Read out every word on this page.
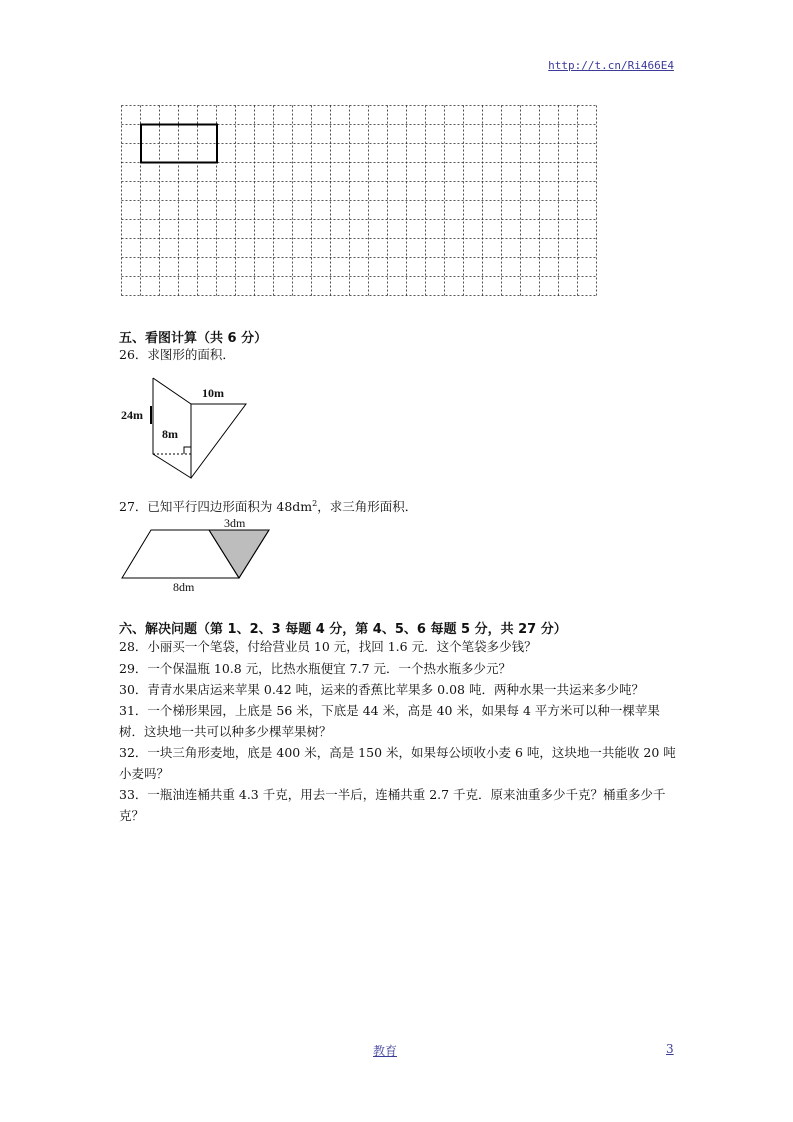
http://t.cn/Ri466E4
五、看图计算（共 6 分）
26．求图形的面积．
24m
10m
8m
27．已知平行四边形面积为 $48dm^2$，求三角形面积．
3dm
8dm
六、解决问题（第 1、2、3 每题 4 分，第 4、5、6 每题 5 分，共 27 分）
28．小丽买一个笔袋，付给营业员 10 元，找回 1.6 元．这个笔袋多少钱？
29．一个保温瓶 10.8 元，比热水瓶便宜 7.7 元．一个热水瓶多少元？
30．青青水果店运来苹果 0.42 吨，运来的香蕉比苹果多 0.08 吨．两种水果一共运来多少吨？
31．一个梯形果园，上底是 56 米，下底是 44 米，高是 40 米，如果每 4 平方米可以种一棵苹果树．这块地一共可以种多少棵苹果树？
32．一块三角形麦地，底是 400 米，高是 150 米，如果每公顷收小麦 6 吨，这块地一共能收 20 吨小麦吗？
33．一瓶油连桶共重 4.3 千克，用去一半后，连桶共重 2.7 千克．原来油重多少千克？桶重多少千克？
教育	3
